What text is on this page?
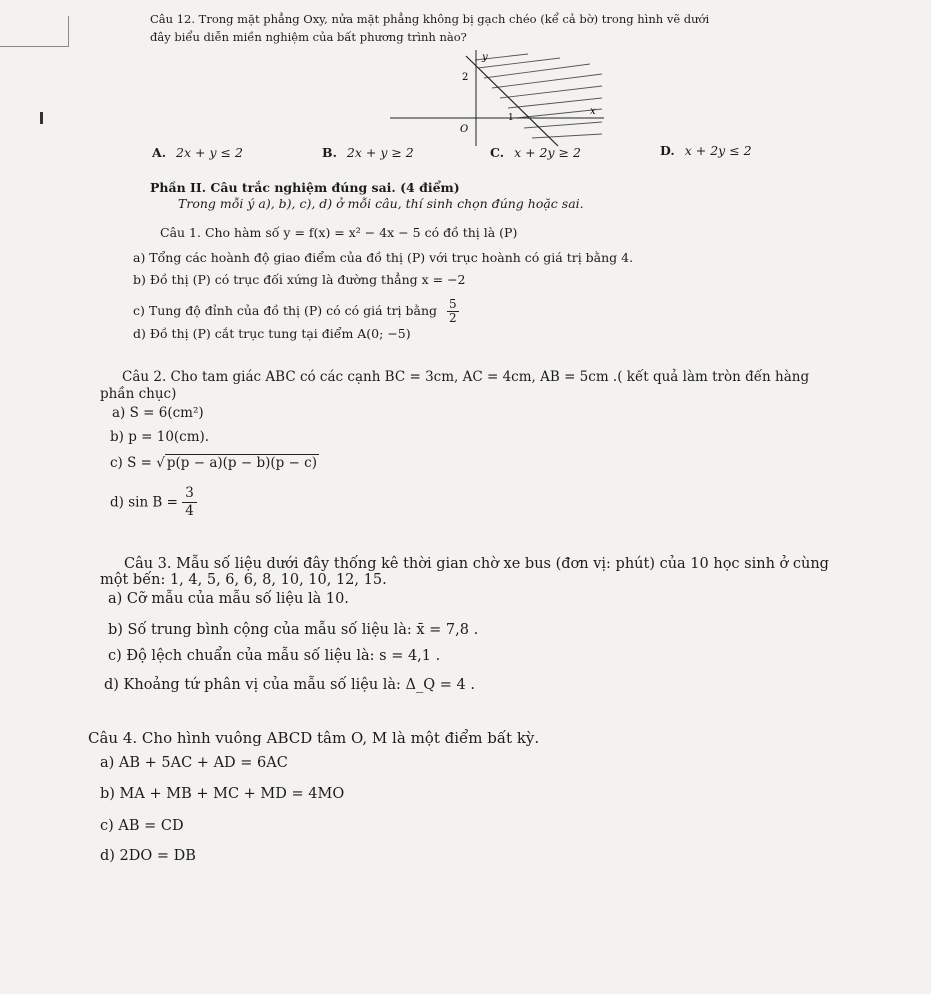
Câu 12. Trong mặt phẳng Oxy, nửa mặt phẳng không bị gạch chéo (kể cả bờ) trong hình vẽ dưới
đây biểu diễn miền nghiệm của bất phương trình nào?
y
2
O
1
x
A. 2x + y ≤ 2	B. 2x + y ≥ 2	C. x + 2y ≥ 2	D. x + 2y ≤ 2
Phần II. Câu trắc nghiệm đúng sai. (4 điểm)
Trong mỗi ý a), b), c), d) ở mỗi câu, thí sinh chọn đúng hoặc sai.
Câu 1. Cho hàm số y = f(x) = x² − 4x − 5 có đồ thị là (P)
a) Tổng các hoành độ giao điểm của đồ thị (P) với trục hoành có giá trị bằng 4.
b) Đồ thị (P) có trục đối xứng là đường thẳng x = −2
c) Tung độ đỉnh của đồ thị (P) có có giá trị bằng $\frac{5}{2}$
d) Đồ thị (P) cắt trục tung tại điểm A(0; −5)
Câu 2. Cho tam giác ABC có các cạnh BC = 3cm, AC = 4cm, AB = 5cm .( kết quả làm tròn đến hàng
phần chục)
a) S = 6(cm²)
b) p = 10(cm).
c) S = √ p(p − a)(p − b)(p − c)
d) $\sin B = \frac{3}{4}$
Câu 3. Mẫu số liệu dưới đây thống kê thời gian chờ xe bus (đơn vị: phút) của 10 học sinh ở cùng
một bến: 1, 4, 5, 6, 6, 8, 10, 10, 12, 15.
a) Cỡ mẫu của mẫu số liệu là 10.
b) Số trung bình cộng của mẫu số liệu là: x̄ = 7,8 .
c) Độ lệch chuẩn của mẫu số liệu là: s = 4,1 .
d) Khoảng tứ phân vị của mẫu số liệu là: Δ_Q = 4 .
Câu 4. Cho hình vuông ABCD tâm O, M là một điểm bất kỳ.
a) AB + 5AC + AD = 6AC
b) MA + MB + MC + MD = 4MO
c) AB = CD
d) 2DO = DB
